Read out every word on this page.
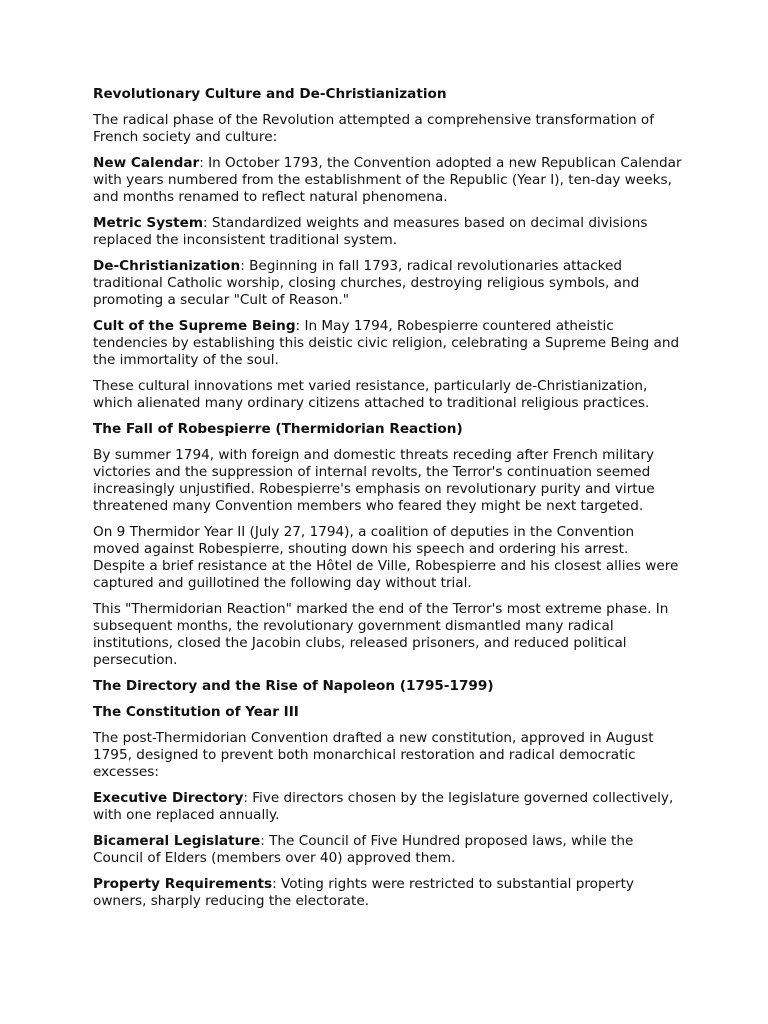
Revolutionary Culture and De-Christianization

The radical phase of the Revolution attempted a comprehensive transformation of French society and culture:

New Calendar: In October 1793, the Convention adopted a new Republican Calendar with years numbered from the establishment of the Republic (Year I), ten-day weeks, and months renamed to reflect natural phenomena.

Metric System: Standardized weights and measures based on decimal divisions replaced the inconsistent traditional system.

De-Christianization: Beginning in fall 1793, radical revolutionaries attacked traditional Catholic worship, closing churches, destroying religious symbols, and promoting a secular "Cult of Reason."

Cult of the Supreme Being: In May 1794, Robespierre countered atheistic tendencies by establishing this deistic civic religion, celebrating a Supreme Being and the immortality of the soul.

These cultural innovations met varied resistance, particularly de-Christianization, which alienated many ordinary citizens attached to traditional religious practices.

The Fall of Robespierre (Thermidorian Reaction)

By summer 1794, with foreign and domestic threats receding after French military victories and the suppression of internal revolts, the Terror's continuation seemed increasingly unjustified. Robespierre's emphasis on revolutionary purity and virtue threatened many Convention members who feared they might be next targeted.

On 9 Thermidor Year II (July 27, 1794), a coalition of deputies in the Convention moved against Robespierre, shouting down his speech and ordering his arrest. Despite a brief resistance at the Hôtel de Ville, Robespierre and his closest allies were captured and guillotined the following day without trial.

This "Thermidorian Reaction" marked the end of the Terror's most extreme phase. In subsequent months, the revolutionary government dismantled many radical institutions, closed the Jacobin clubs, released prisoners, and reduced political persecution.

The Directory and the Rise of Napoleon (1795-1799)
The Constitution of Year III

The post-Thermidorian Convention drafted a new constitution, approved in August 1795, designed to prevent both monarchical restoration and radical democratic excesses:

Executive Directory: Five directors chosen by the legislature governed collectively, with one replaced annually.

Bicameral Legislature: The Council of Five Hundred proposed laws, while the Council of Elders (members over 40) approved them.

Property Requirements: Voting rights were restricted to substantial property owners, sharply reducing the electorate.
